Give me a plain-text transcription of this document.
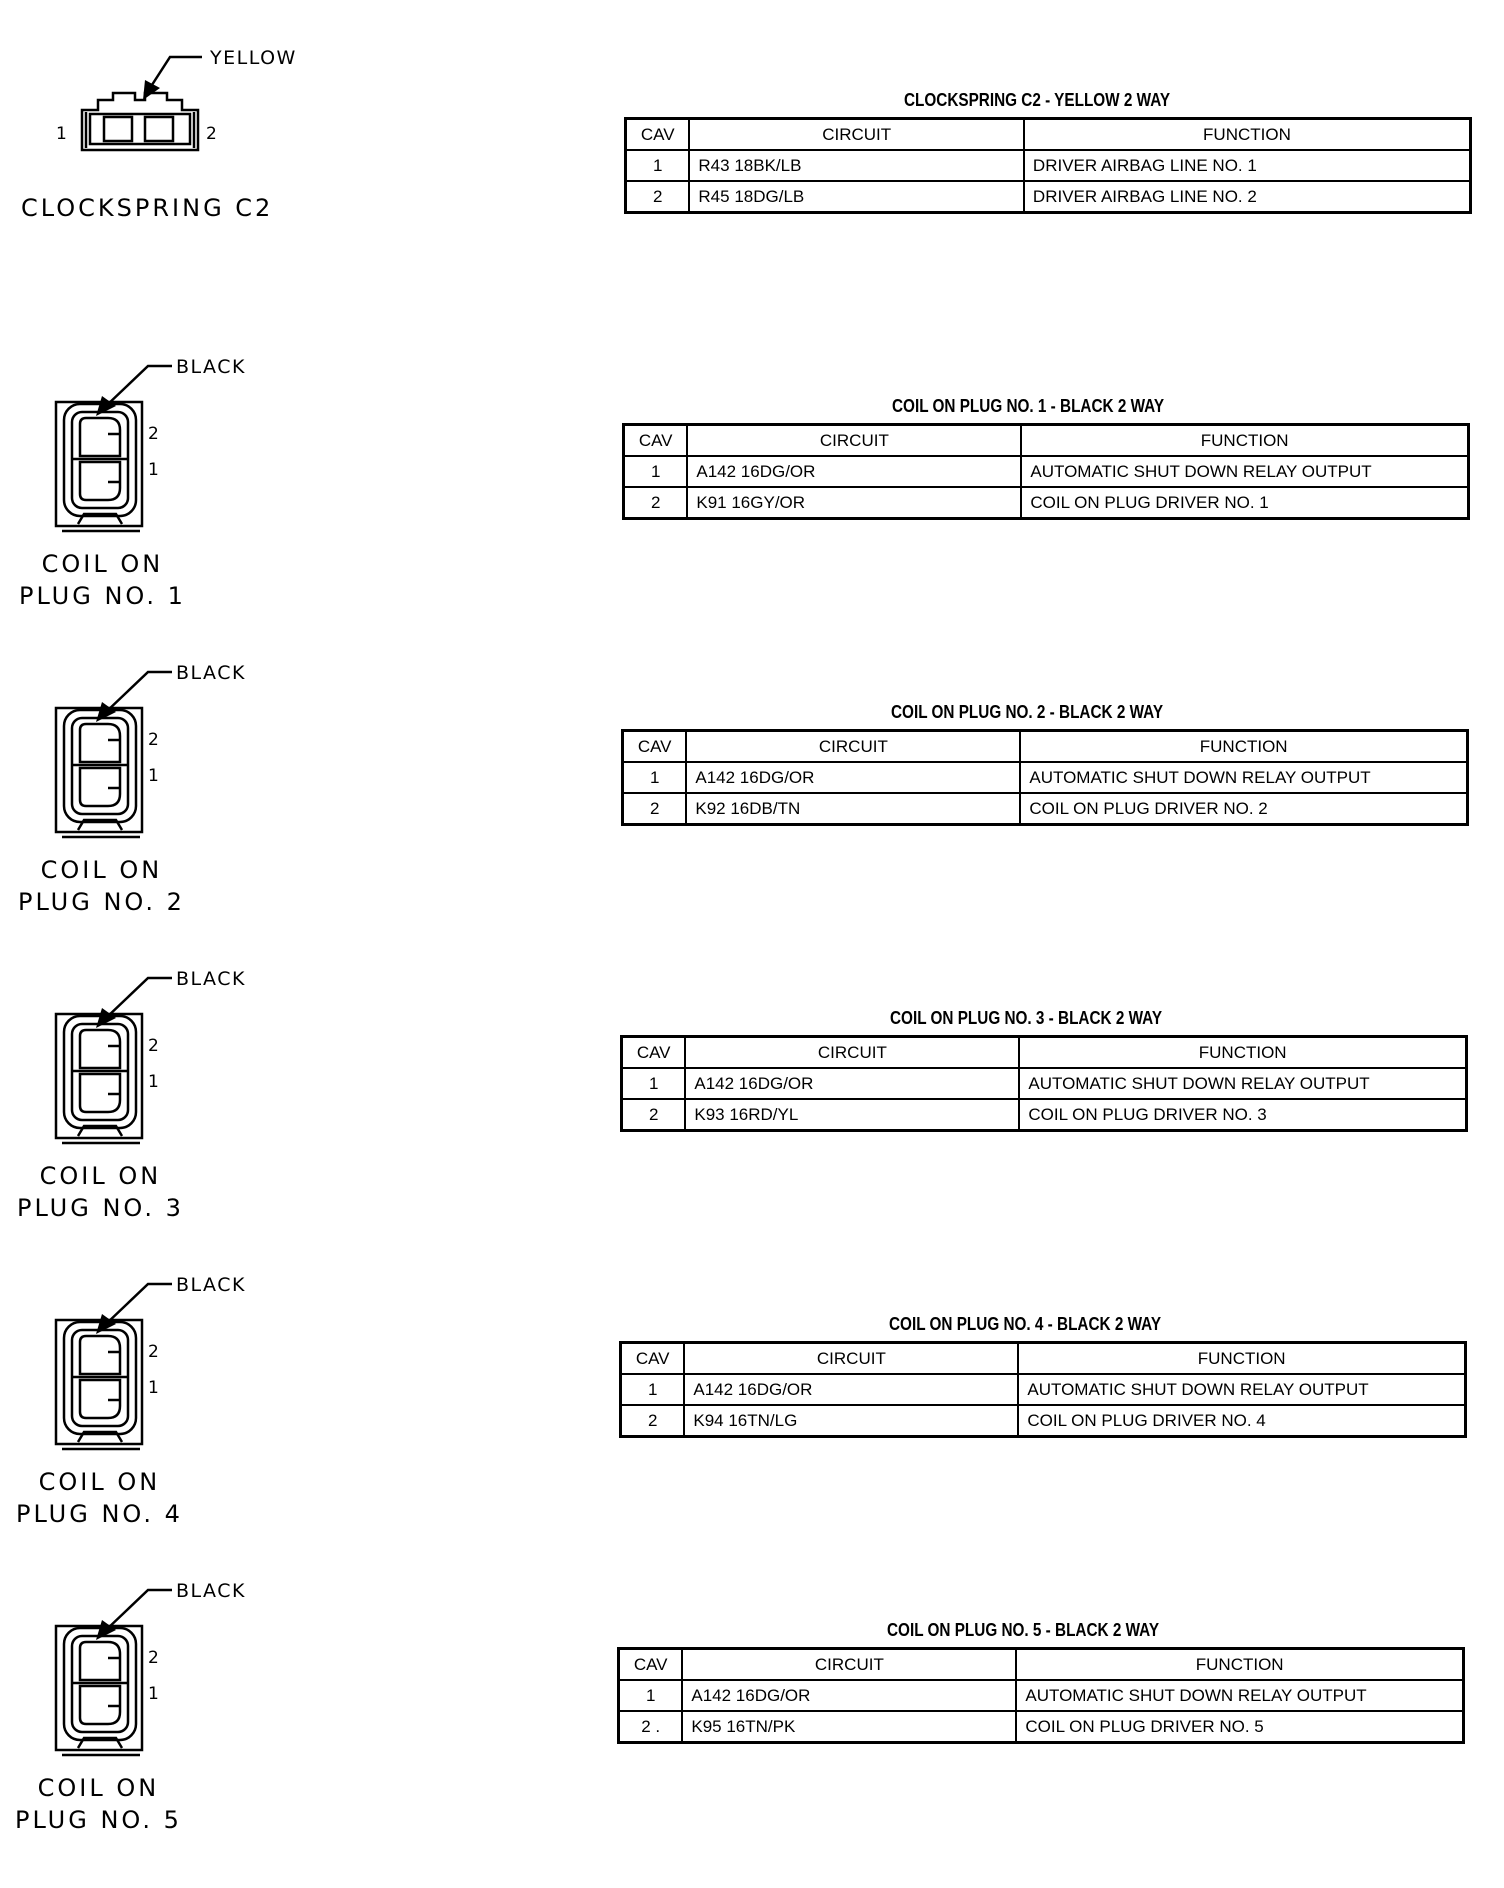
YELLOW
1	2
CLOCKSPRING C2
CLOCKSPRING C2 - YELLOW 2 WAY
CAV	CIRCUIT	FUNCTION
1	R43 18BK/LB	DRIVER AIRBAG LINE NO. 1
2	R45 18DG/LB	DRIVER AIRBAG LINE NO. 2
BLACK
2
1
COIL ON
PLUG NO. 1
COIL ON PLUG NO. 1 - BLACK 2 WAY
CAV	CIRCUIT	FUNCTION
1	A142 16DG/OR	AUTOMATIC SHUT DOWN RELAY OUTPUT
2	K91 16GY/OR	COIL ON PLUG DRIVER NO. 1
BLACK
2
1
COIL ON
PLUG NO. 2
COIL ON PLUG NO. 2 - BLACK 2 WAY
CAV	CIRCUIT	FUNCTION
1	A142 16DG/OR	AUTOMATIC SHUT DOWN RELAY OUTPUT
2	K92 16DB/TN	COIL ON PLUG DRIVER NO. 2
BLACK
2
1
COIL ON
PLUG NO. 3
COIL ON PLUG NO. 3 - BLACK 2 WAY
CAV	CIRCUIT	FUNCTION
1	A142 16DG/OR	AUTOMATIC SHUT DOWN RELAY OUTPUT
2	K93 16RD/YL	COIL ON PLUG DRIVER NO. 3
BLACK
2
1
COIL ON
PLUG NO. 4
COIL ON PLUG NO. 4 - BLACK 2 WAY
CAV	CIRCUIT	FUNCTION
1	A142 16DG/OR	AUTOMATIC SHUT DOWN RELAY OUTPUT
2	K94 16TN/LG	COIL ON PLUG DRIVER NO. 4
BLACK
2
1
COIL ON
PLUG NO. 5
COIL ON PLUG NO. 5 - BLACK 2 WAY
CAV	CIRCUIT	FUNCTION
1	A142 16DG/OR	AUTOMATIC SHUT DOWN RELAY OUTPUT
2 .	K95 16TN/PK	COIL ON PLUG DRIVER NO. 5
